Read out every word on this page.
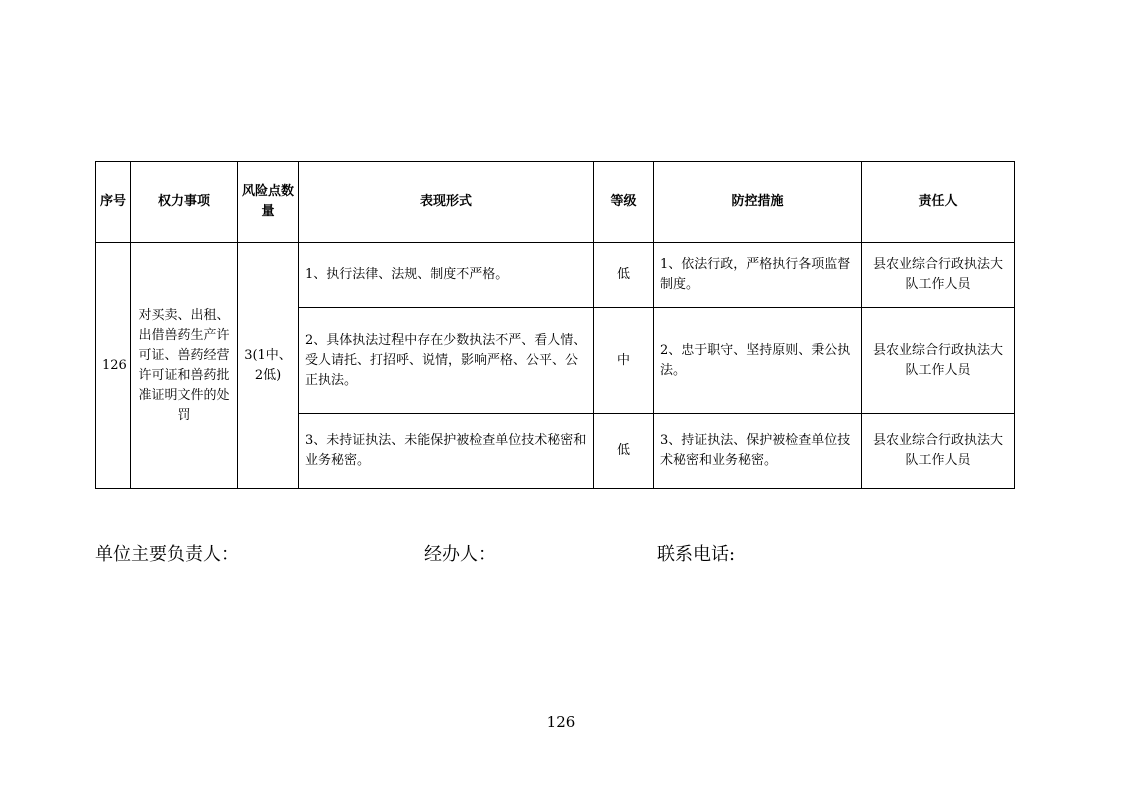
序号	权力事项	风险点数量	表现形式	等级	防控措施	责任人
126	对买卖、出租、出借兽药生产许可证、兽药经营许可证和兽药批准证明文件的处罚	3(1中、2低)	1、执行法律、法规、制度不严格。	低	1、依法行政，严格执行各项监督制度。	县农业综合行政执法大队工作人员
			2、具体执法过程中存在少数执法不严、看人情、受人请托、打招呼、说情，影响严格、公平、公正执法。	中	2、忠于职守、坚持原则、秉公执法。	县农业综合行政执法大队工作人员
			3、未持证执法、未能保护被检查单位技术秘密和业务秘密。	低	3、持证执法、保护被检查单位技术秘密和业务秘密。	县农业综合行政执法大队工作人员
单位主要负责人：	经办人：	联系电话:
126
